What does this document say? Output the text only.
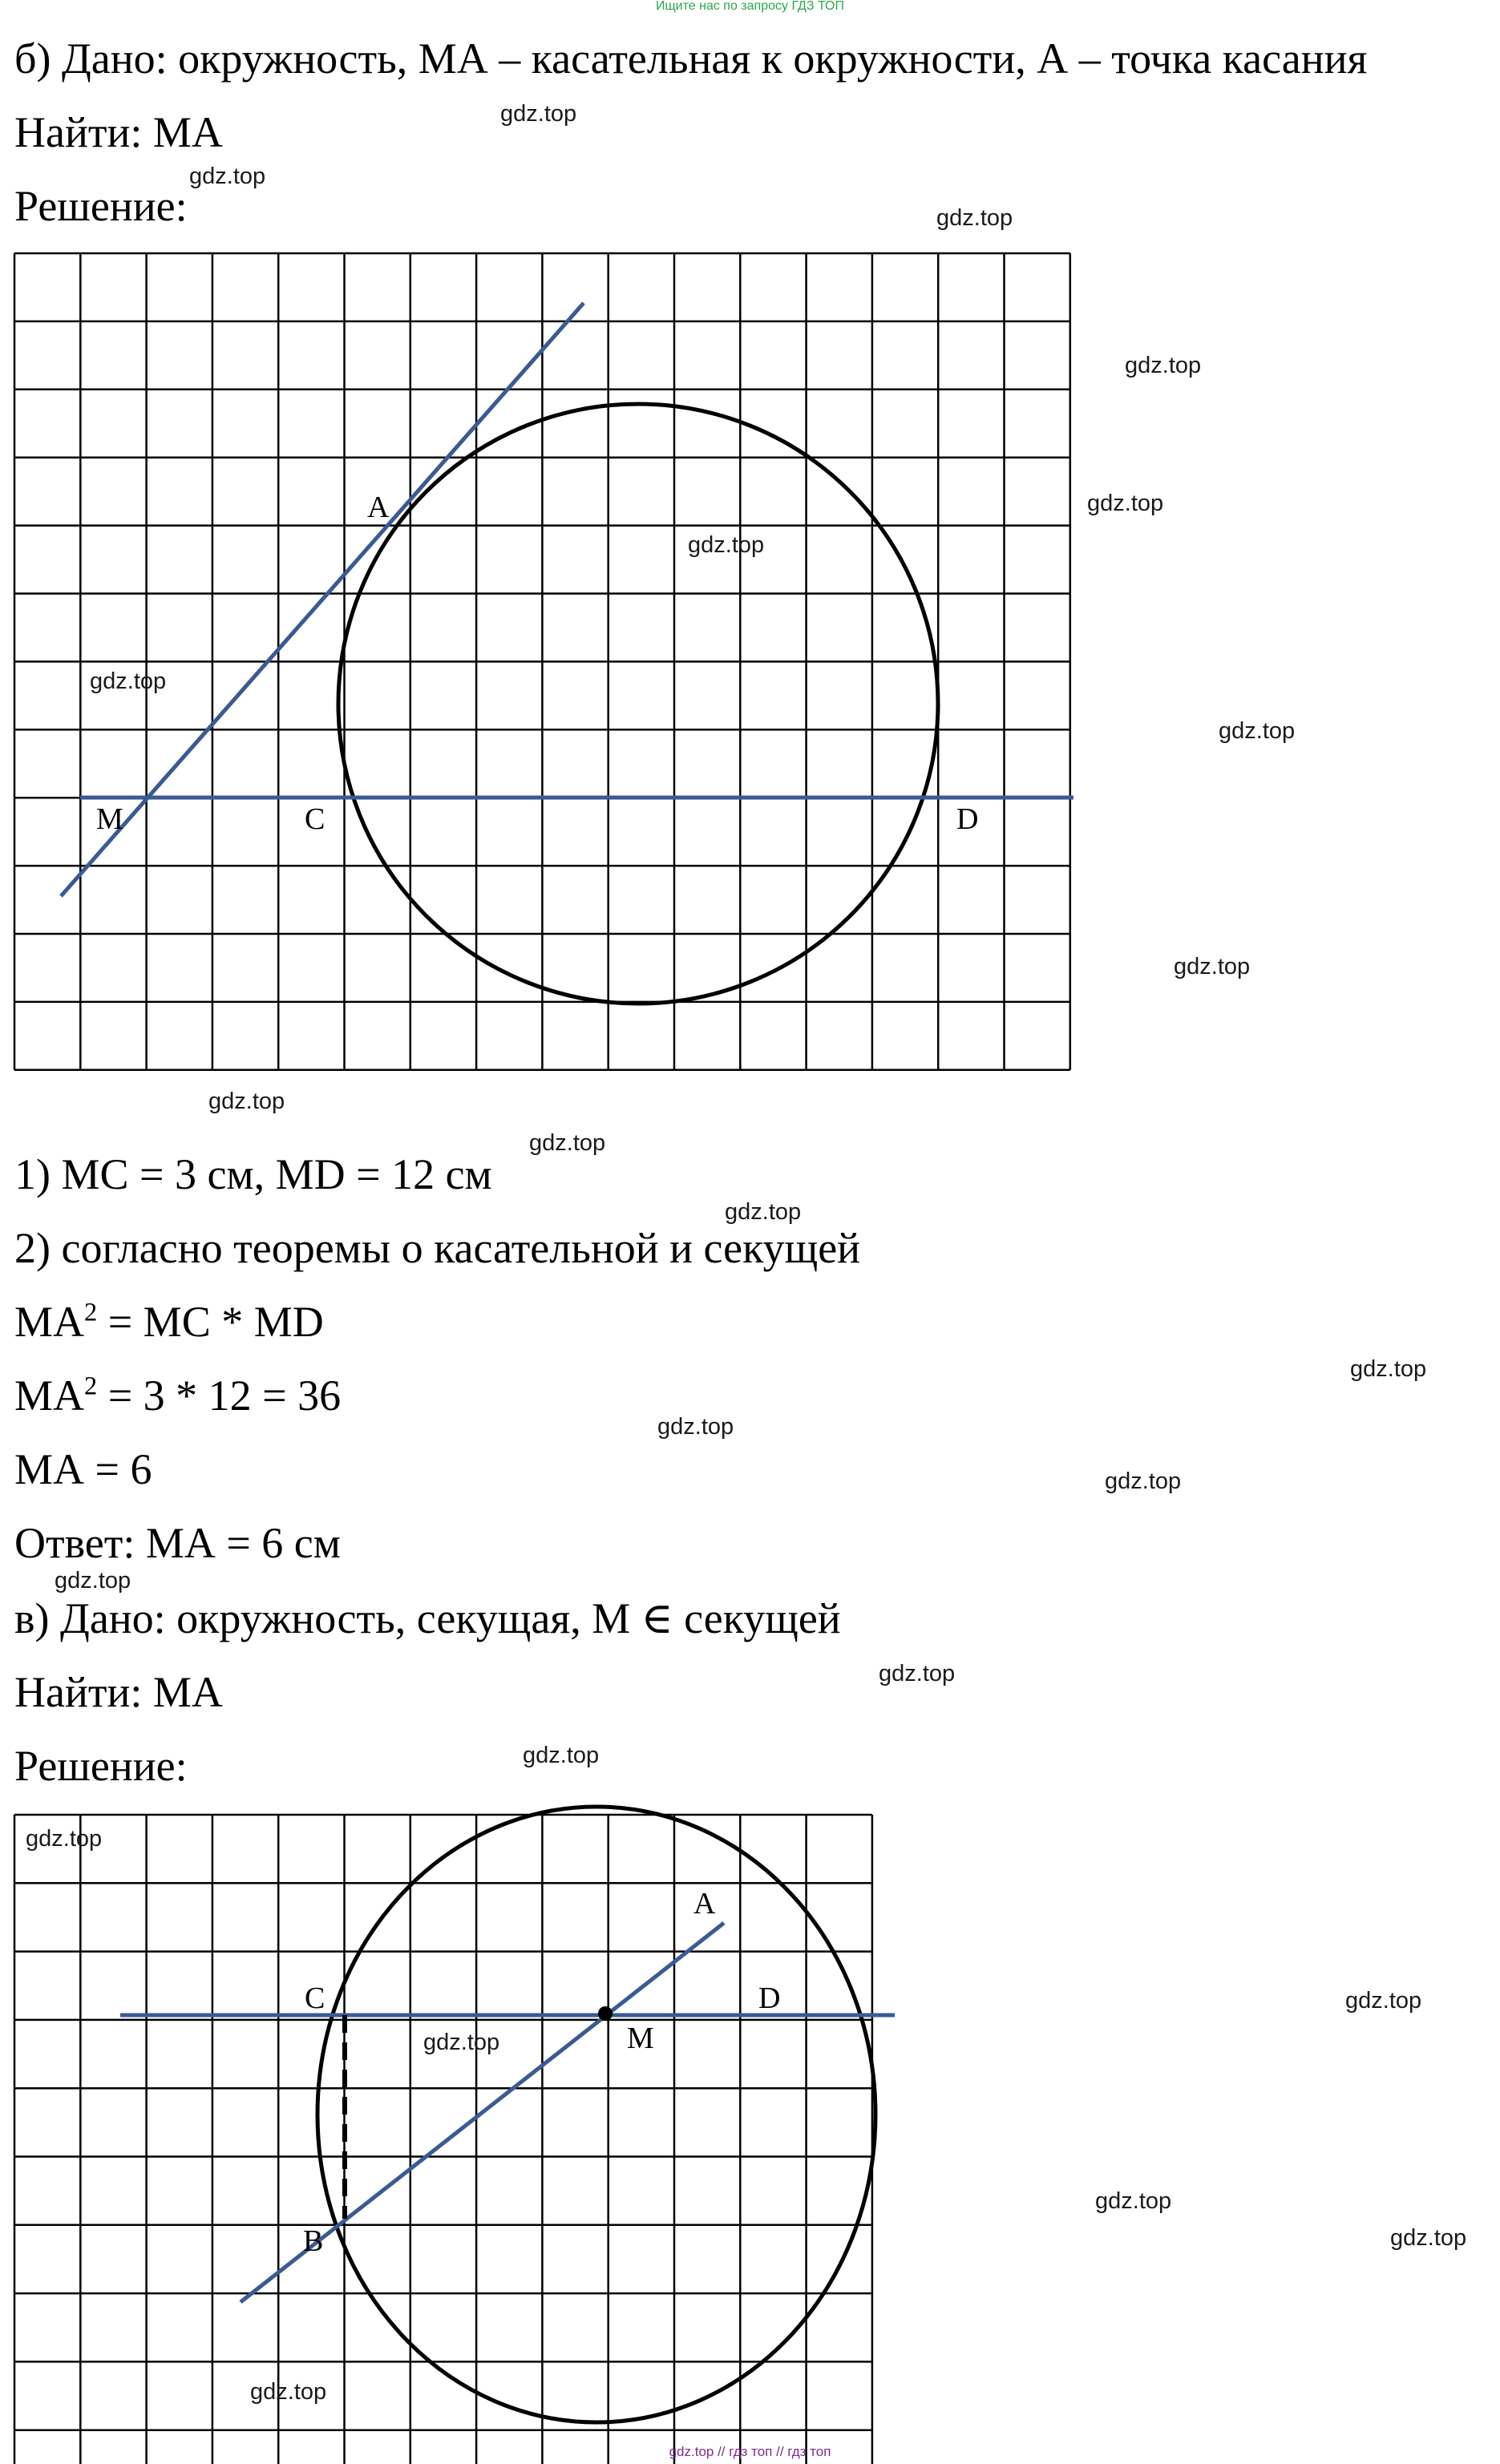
Ищите нас по запросу ГДЗ ТОП
б) Дано: окружность, МА – касательная к окружности, А – точка касания
Найти: МА
Решение:
A
M	C	D
A
C	D
M
B
1) МС = 3 см, MD = 12 см
2) согласно теоремы о касательной и секущей
$MA^2$ = MC * MD
$MA^2 = 3 * 12 = 36$
МА = 6
Ответ: МА = 6 см
в) Дано: окружность, секущая, М ∈ секущей
Найти: МА
Решение:
gdz.top
gdz.top
gdz.top
gdz.top
gdz.top
gdz.top
gdz.top
gdz.top
gdz.top
gdz.top
gdz.top
gdz.top
gdz.top
gdz.top
gdz.top
gdz.top
gdz.top
gdz.top
gdz.top
gdz.top
gdz.top
gdz.top
gdz.top
gdz.top
gdz.top // гдз топ // гдз топ
